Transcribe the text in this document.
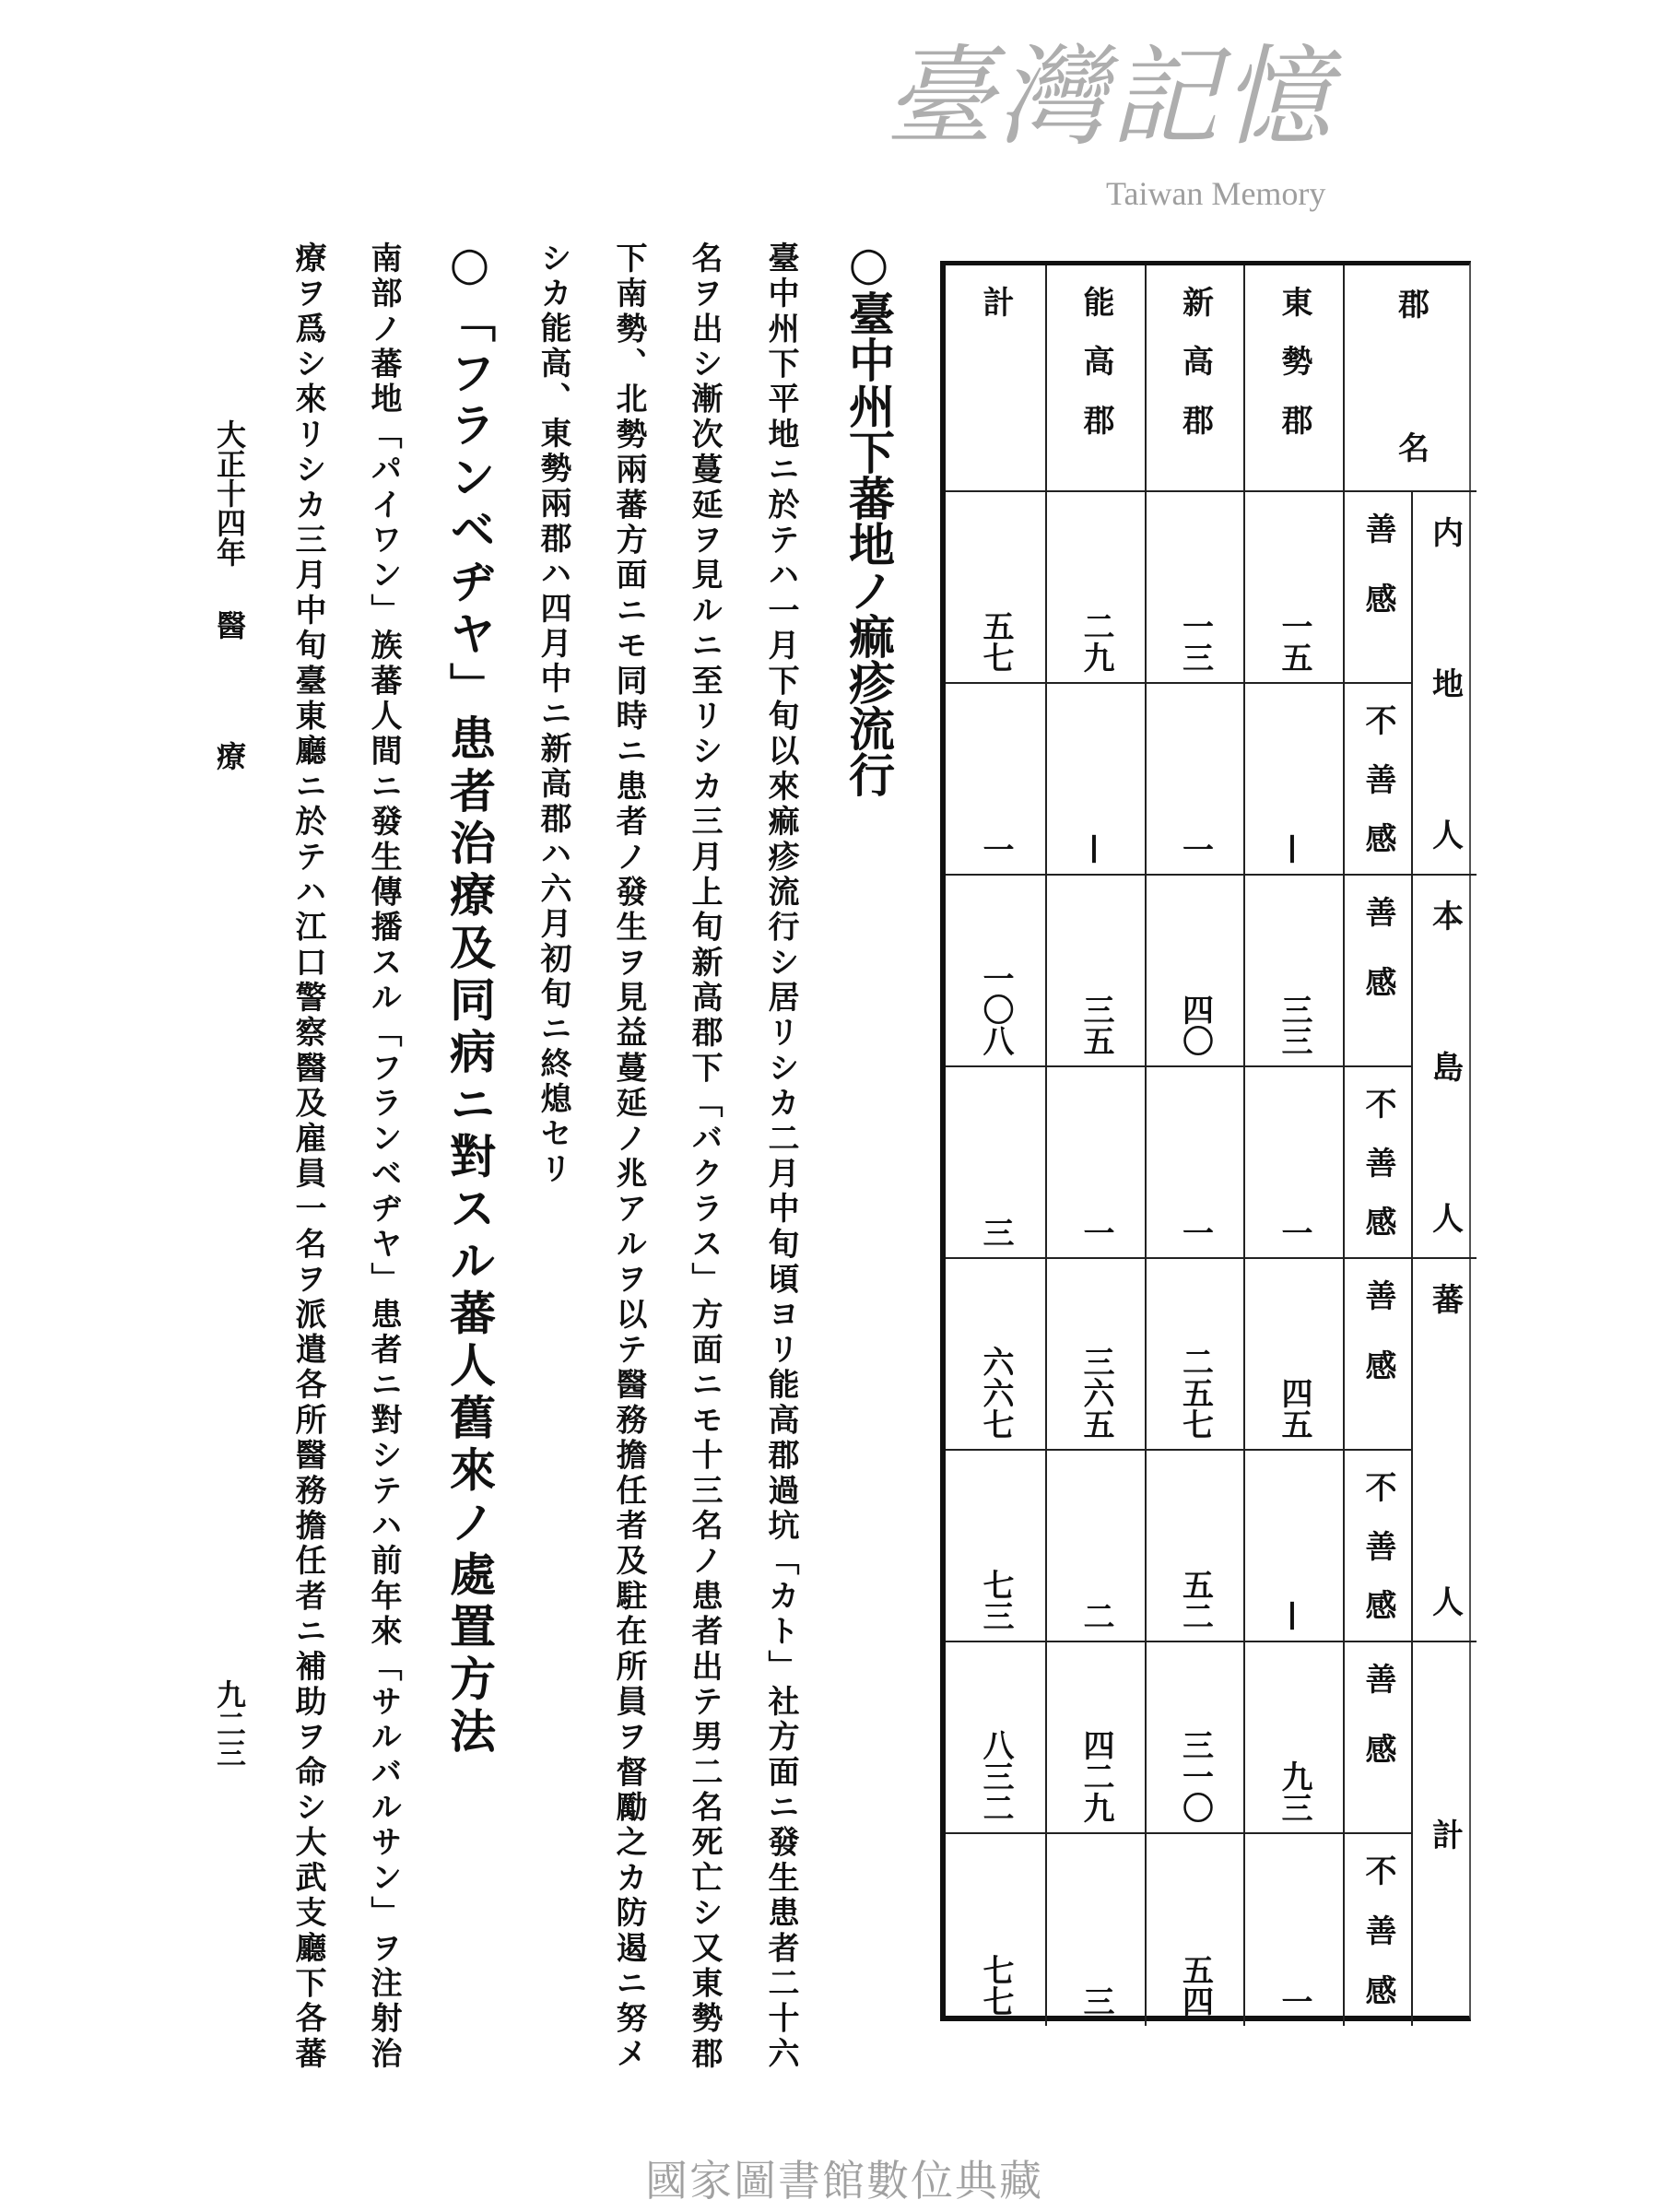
○臺中州下蕃地ノ痲疹流行
臺中州下平地ニ於テハ一月下旬以來痲疹流行シ居リシカ二月中旬頃ヨリ能高郡過坑「カト」社方面ニ發生患者二十六
名ヲ出シ漸次蔓延ヲ見ルニ至リシカ三月上旬新高郡下「バクラス」方面ニモ十三名ノ患者出テ男二名死亡シ又東勢郡
下南勢、北勢兩蕃方面ニモ同時ニ患者ノ發生ヲ見益蔓延ノ兆アルヲ以テ醫務擔任者及駐在所員ヲ督勵之カ防遏ニ努メ
シカ能高、東勢兩郡ハ四月中ニ新高郡ハ六月初旬ニ終熄セリ
○「フランベヂヤ」患者治療及同病ニ對スル蕃人舊來ノ處置方法
南部ノ蕃地「パイワン」族蕃人間ニ發生傳播スル「フランベヂヤ」患者ニ對シテハ前年來「サルバルサン」ヲ注射治
療ヲ爲シ來リシカ三月中旬臺東廳ニ於テハ江口警察醫及雇員一名ヲ派遣各所醫務擔任者ニ補助ヲ命シ大武支廳下各蕃
大正十四年
醫
療
九二三
計
五七
一
一〇八
三
六六七
七三
八三二
七七
能高郡
二九
—
三五
一
三六五
二
四二九
三
新高郡
一三
一
四〇
一
二五七
五二
三一〇
五四
東勢郡
一五
—
三三
一
四五
—
九三
一
郡名
内地人
善感
不善感
本島人
善感
不善感
蕃人
善感
不善感
計
善感
不善感
臺灣記憶
Taiwan Memory
國家圖書館數位典藏
